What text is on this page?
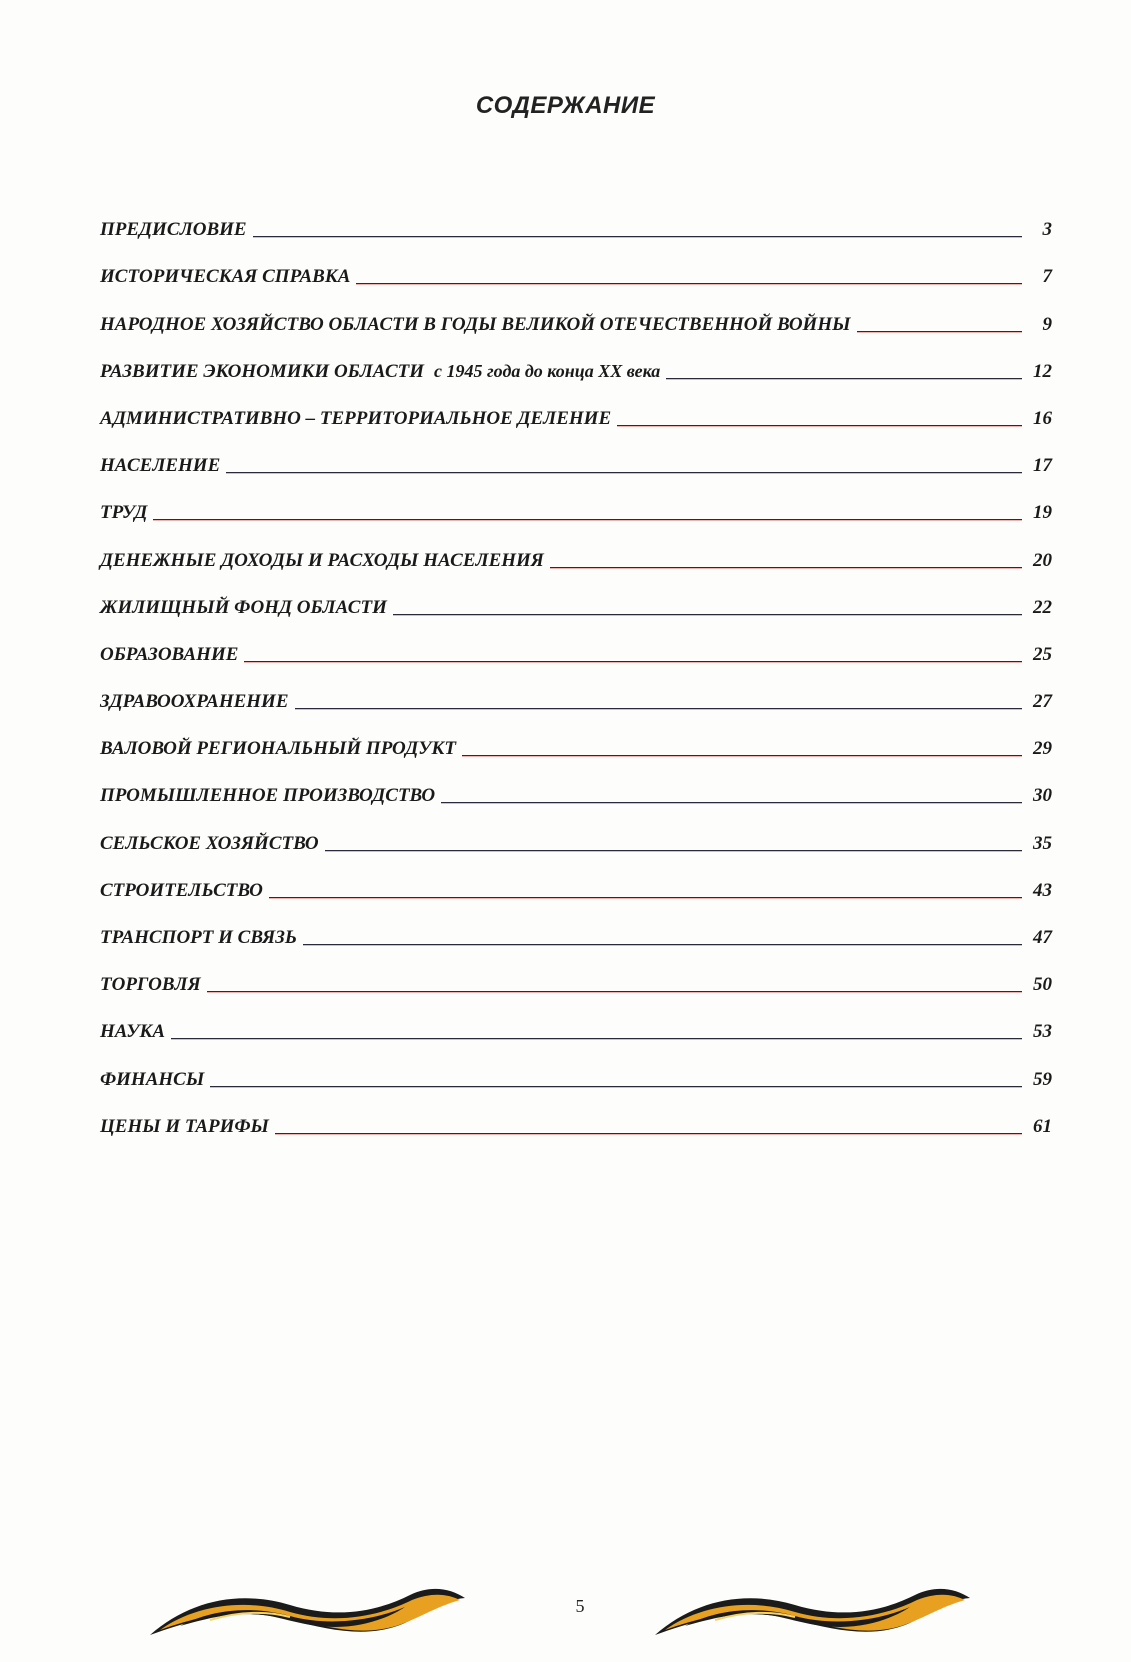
СОДЕРЖАНИЕ
ПРЕДИСЛОВИЕ	3
ИСТОРИЧЕСКАЯ СПРАВКА	7
НАРОДНОЕ ХОЗЯЙСТВО ОБЛАСТИ В ГОДЫ ВЕЛИКОЙ ОТЕЧЕСТВЕННОЙ ВОЙНЫ	9
РАЗВИТИЕ ЭКОНОМИКИ ОБЛАСТИ с 1945 года до конца XX века	12
АДМИНИСТРАТИВНО – ТЕРРИТОРИАЛЬНОЕ ДЕЛЕНИЕ	16
НАСЕЛЕНИЕ	17
ТРУД	19
ДЕНЕЖНЫЕ ДОХОДЫ И РАСХОДЫ НАСЕЛЕНИЯ	20
ЖИЛИЩНЫЙ ФОНД ОБЛАСТИ	22
ОБРАЗОВАНИЕ	25
ЗДРАВООХРАНЕНИЕ	27
ВАЛОВОЙ РЕГИОНАЛЬНЫЙ ПРОДУКТ	29
ПРОМЫШЛЕННОЕ ПРОИЗВОДСТВО	30
СЕЛЬСКОЕ ХОЗЯЙСТВО	35
СТРОИТЕЛЬСТВО	43
ТРАНСПОРТ И СВЯЗЬ	47
ТОРГОВЛЯ	50
НАУКА	53
ФИНАНСЫ	59
ЦЕНЫ И ТАРИФЫ	61
5
